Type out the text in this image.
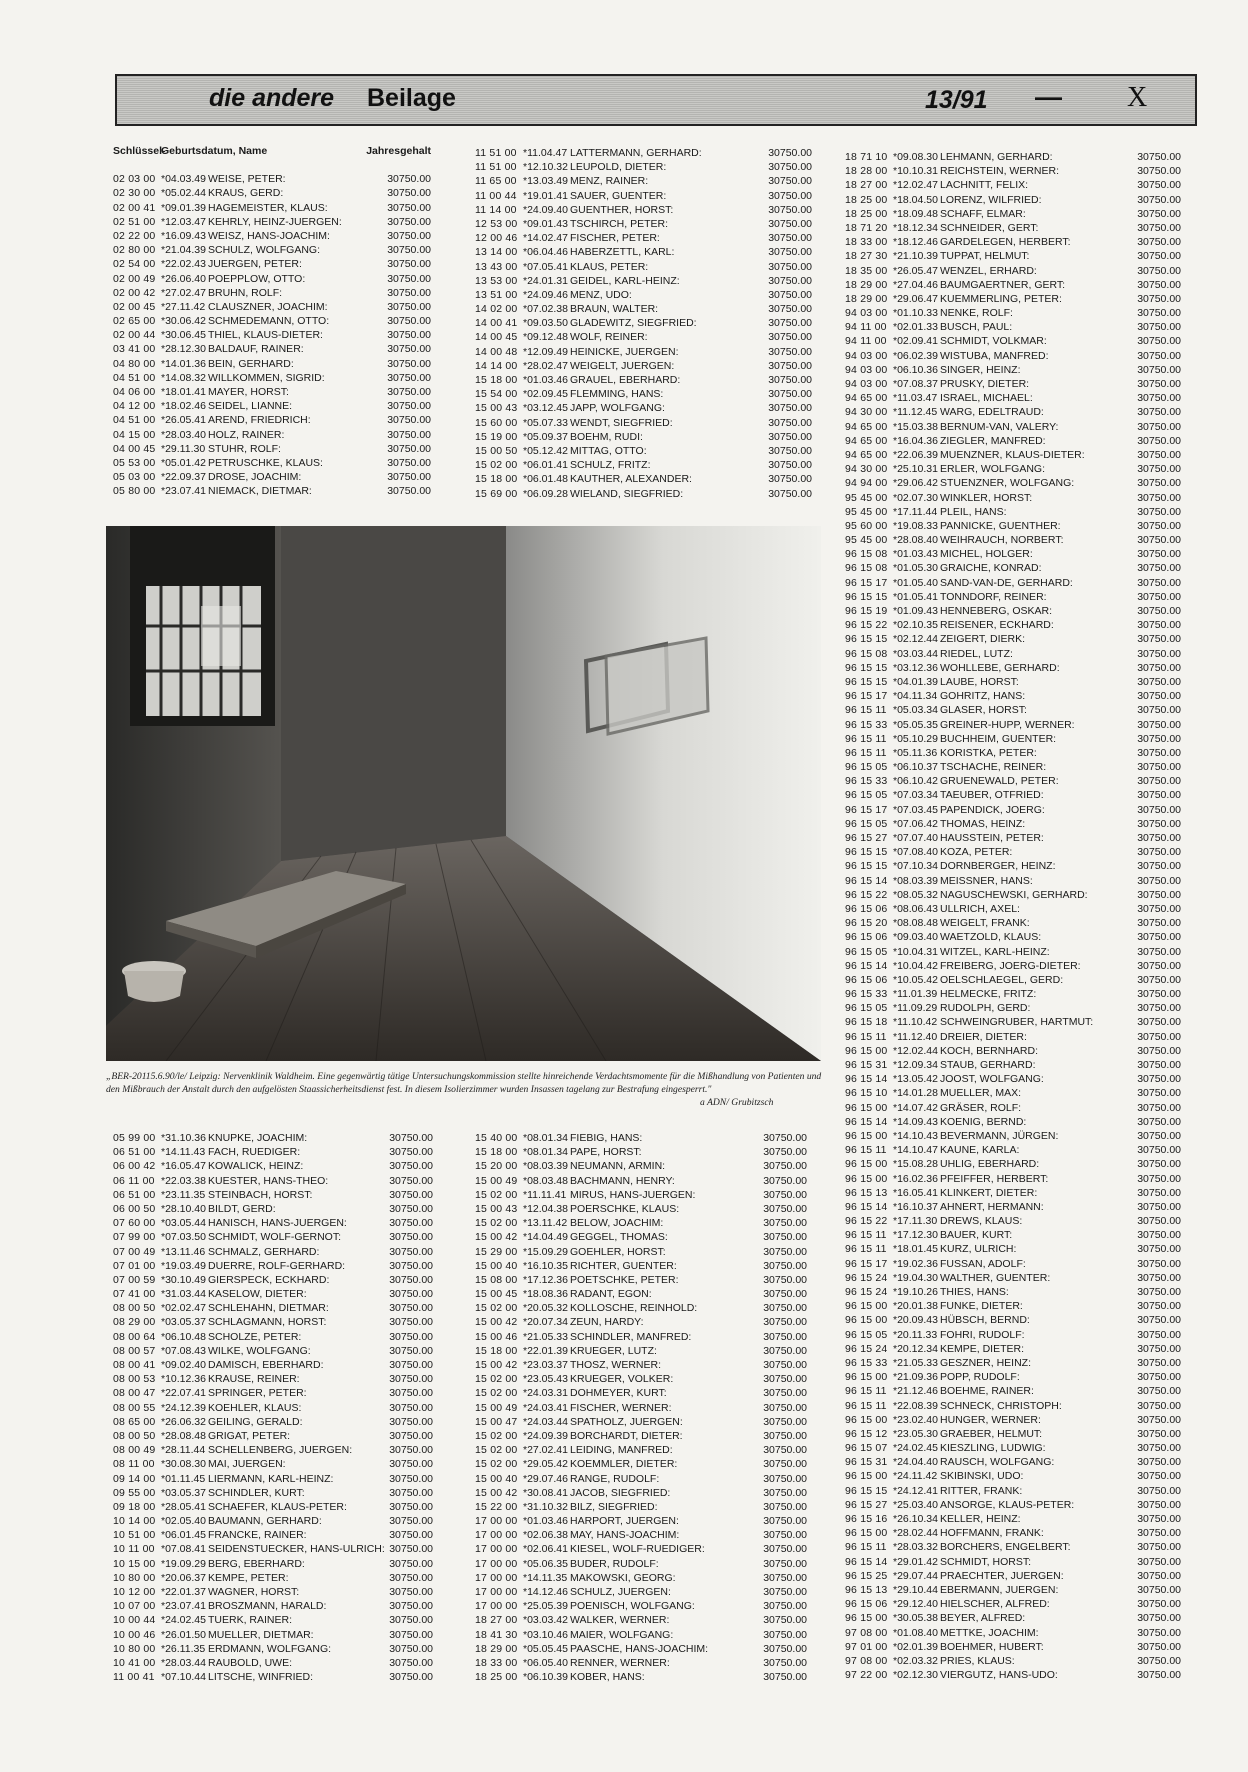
die andere Beilage	13/91 — X
Schlüssel-
Geburtsdatum, Name	Jahresgehalt
02 03 00 *04.03.49 WEISE, PETER:	30750.00
02 30 00 *05.02.44 KRAUS, GERD:	30750.00
02 00 41 *09.01.39 HAGEMEISTER, KLAUS:	30750.00
02 51 00 *12.03.47 KEHRLY, HEINZ-JUERGEN:	30750.00
02 22 00 *16.09.43 WEISZ, HANS-JOACHIM:	30750.00
02 80 00 *21.04.39 SCHULZ, WOLFGANG:	30750.00
02 54 00 *22.02.43 JUERGEN, PETER:	30750.00
02 00 49 *26.06.40 POEPPLOW, OTTO:	30750.00
02 00 42 *27.02.47 BRUHN, ROLF:	30750.00
02 00 45 *27.11.42 CLAUSZNER, JOACHIM:	30750.00
02 65 00 *30.06.42 SCHMEDEMANN, OTTO:	30750.00
02 00 44 *30.06.45 THIEL, KLAUS-DIETER:	30750.00
03 41 00 *28.12.30 BALDAUF, RAINER:	30750.00
04 80 00 *14.01.36 BEIN, GERHARD:	30750.00
04 51 00 *14.08.32 WILLKOMMEN, SIGRID:	30750.00
04 06 00 *18.01.41 MAYER, HORST:	30750.00
04 12 00 *18.02.46 SEIDEL, LIANNE:	30750.00
04 51 00 *26.05.41 AREND, FRIEDRICH:	30750.00
04 15 00 *28.03.40 HOLZ, RAINER:	30750.00
04 00 45 *29.11.30 STUHR, ROLF:	30750.00
05 53 00 *05.01.42 PETRUSCHKE, KLAUS:	30750.00
05 03 00 *22.09.37 DROSE, JOACHIM:	30750.00
05 80 00 *23.07.41 NIEMACK, DIETMAR:	30750.00
11 51 00 *11.04.47 LATTERMANN, GERHARD:	30750.00
11 51 00 *12.10.32 LEUPOLD, DIETER:	30750.00
11 65 00 *13.03.49 MENZ, RAINER:	30750.00
11 00 44 *19.01.41 SAUER, GUENTER:	30750.00
11 14 00 *24.09.40 GUENTHER, HORST:	30750.00
12 53 00 *09.01.43 TSCHIRCH, PETER:	30750.00
12 00 46 *14.02.47 FISCHER, PETER:	30750.00
13 14 00 *06.04.46 HABERZETTL, KARL:	30750.00
13 43 00 *07.05.41 KLAUS, PETER:	30750.00
13 53 00 *24.01.31 GEIDEL, KARL-HEINZ:	30750.00
13 51 00 *24.09.46 MENZ, UDO:	30750.00
14 02 00 *07.02.38 BRAUN, WALTER:	30750.00
14 00 41 *09.03.50 GLADEWITZ, SIEGFRIED:	30750.00
14 00 45 *09.12.48 WOLF, REINER:	30750.00
14 00 48 *12.09.49 HEINICKE, JUERGEN:	30750.00
14 14 00 *28.02.47 WEIGELT, JUERGEN:	30750.00
15 18 00 *01.03.46 GRAUEL, EBERHARD:	30750.00
15 54 00 *02.09.45 FLEMMING, HANS:	30750.00
15 00 43 *03.12.45 JAPP, WOLFGANG:	30750.00
15 60 00 *05.07.33 WENDT, SIEGFRIED:	30750.00
15 19 00 *05.09.37 BOEHM, RUDI:	30750.00
15 00 50 *05.12.42 MITTAG, OTTO:	30750.00
15 02 00 *06.01.41 SCHULZ, FRITZ:	30750.00
15 18 00 *06.01.48 KAUTHER, ALEXANDER:	30750.00
15 69 00 *06.09.28 WIELAND, SIEGFRIED:	30750.00
18 71 10 *09.08.30 LEHMANN, GERHARD:	30750.00
18 28 00 *10.10.31 REICHSTEIN, WERNER:	30750.00
18 27 00 *12.02.47 LACHNITT, FELIX:	30750.00
18 25 00 *18.04.50 LORENZ, WILFRIED:	30750.00
18 25 00 *18.09.48 SCHAFF, ELMAR:	30750.00
18 71 20 *18.12.34 SCHNEIDER, GERT:	30750.00
18 33 00 *18.12.46 GARDELEGEN, HERBERT:	30750.00
18 27 30 *21.10.39 TUPPAT, HELMUT:	30750.00
18 35 00 *26.05.47 WENZEL, ERHARD:	30750.00
18 29 00 *27.04.46 BAUMGAERTNER, GERT:	30750.00
18 29 00 *29.06.47 KUEMMERLING, PETER:	30750.00
94 03 00 *01.10.33 NENKE, ROLF:	30750.00
94 11 00 *02.01.33 BUSCH, PAUL:	30750.00
94 11 00 *02.09.41 SCHMIDT, VOLKMAR:	30750.00
94 03 00 *06.02.39 WISTUBA, MANFRED:	30750.00
94 03 00 *06.10.36 SINGER, HEINZ:	30750.00
94 03 00 *07.08.37 PRUSKY, DIETER:	30750.00
94 65 00 *11.03.47 ISRAEL, MICHAEL:	30750.00
94 30 00 *11.12.45 WARG, EDELTRAUD:	30750.00
94 65 00 *15.03.38 BERNUM-VAN, VALERY:	30750.00
94 65 00 *16.04.36 ZIEGLER, MANFRED:	30750.00
94 65 00 *22.06.39 MUENZNER, KLAUS-DIETER:	30750.00
94 30 00 *25.10.31 ERLER, WOLFGANG:	30750.00
94 94 00 *29.06.42 STUENZNER, WOLFGANG:	30750.00
95 45 00 *02.07.30 WINKLER, HORST:	30750.00
95 45 00 *17.11.44 PLEIL, HANS:	30750.00
95 60 00 *19.08.33 PANNICKE, GUENTHER:	30750.00
95 45 00 *28.08.40 WEIHRAUCH, NORBERT:	30750.00
96 15 08 *01.03.43 MICHEL, HOLGER:	30750.00
96 15 08 *01.05.30 GRAICHE, KONRAD:	30750.00
96 15 17 *01.05.40 SAND-VAN-DE, GERHARD:	30750.00
96 15 15 *01.05.41 TONNDORF, REINER:	30750.00
96 15 19 *01.09.43 HENNEBERG, OSKAR:	30750.00
96 15 22 *02.10.35 REISENER, ECKHARD:	30750.00
96 15 15 *02.12.44 ZEIGERT, DIERK:	30750.00
96 15 08 *03.03.44 RIEDEL, LUTZ:	30750.00
96 15 15 *03.12.36 WOHLLEBE, GERHARD:	30750.00
96 15 15 *04.01.39 LAUBE, HORST:	30750.00
96 15 17 *04.11.34 GOHRITZ, HANS:	30750.00
96 15 11 *05.03.34 GLASER, HORST:	30750.00
96 15 33 *05.05.35 GREINER-HUPP, WERNER:	30750.00
96 15 11 *05.10.29 BUCHHEIM, GUENTER:	30750.00
96 15 11 *05.11.36 KORISTKA, PETER:	30750.00
96 15 05 *06.10.37 TSCHACHE, REINER:	30750.00
96 15 33 *06.10.42 GRUENEWALD, PETER:	30750.00
96 15 05 *07.03.34 TAEUBER, OTFRIED:	30750.00
96 15 17 *07.03.45 PAPENDICK, JOERG:	30750.00
96 15 05 *07.06.42 THOMAS, HEINZ:	30750.00
96 15 27 *07.07.40 HAUSSTEIN, PETER:	30750.00
96 15 15 *07.08.40 KOZA, PETER:	30750.00
96 15 15 *07.10.34 DORNBERGER, HEINZ:	30750.00
96 15 14 *08.03.39 MEISSNER, HANS:	30750.00
96 15 22 *08.05.32 NAGUSCHEWSKI, GERHARD:	30750.00
96 15 06 *08.06.43 ULLRICH, AXEL:	30750.00
96 15 20 *08.08.48 WEIGELT, FRANK:	30750.00
96 15 06 *09.03.40 WAETZOLD, KLAUS:	30750.00
96 15 05 *10.04.31 WITZEL, KARL-HEINZ:	30750.00
96 15 14 *10.04.42 FREIBERG, JOERG-DIETER:	30750.00
96 15 06 *10.05.42 OELSCHLAEGEL, GERD:	30750.00
96 15 33 *11.01.39 HELMECKE, FRITZ:	30750.00
96 15 05 *11.09.29 RUDOLPH, GERD:	30750.00
96 15 18 *11.10.42 SCHWEINGRUBER, HARTMUT:	30750.00
96 15 11 *11.12.40 DREIER, DIETER:	30750.00
96 15 00 *12.02.44 KOCH, BERNHARD:	30750.00
96 15 31 *12.09.34 STAUB, GERHARD:	30750.00
96 15 14 *13.05.42 JOOST, WOLFGANG:	30750.00
96 15 10 *14.01.28 MUELLER, MAX:	30750.00
96 15 00 *14.07.42 GRÄSER, ROLF:	30750.00
96 15 14 *14.09.43 KOENIG, BERND:	30750.00
96 15 00 *14.10.43 BEVERMANN, JÜRGEN:	30750.00
96 15 11 *14.10.47 KAUNE, KARLA:	30750.00
96 15 00 *15.08.28 UHLIG, EBERHARD:	30750.00
96 15 00 *16.02.36 PFEIFFER, HERBERT:	30750.00
96 15 13 *16.05.41 KLINKERT, DIETER:	30750.00
96 15 14 *16.10.37 AHNERT, HERMANN:	30750.00
96 15 22 *17.11.30 DREWS, KLAUS:	30750.00
96 15 11 *17.12.30 BAUER, KURT:	30750.00
96 15 11 *18.01.45 KURZ, ULRICH:	30750.00
96 15 17 *19.02.36 FUSSAN, ADOLF:	30750.00
96 15 24 *19.04.30 WALTHER, GUENTER:	30750.00
96 15 24 *19.10.26 THIES, HANS:	30750.00
96 15 00 *20.01.38 FUNKE, DIETER:	30750.00
96 15 00 *20.09.43 HÜBSCH, BERND:	30750.00
96 15 05 *20.11.33 FOHRI, RUDOLF:	30750.00
96 15 24 *20.12.34 KEMPE, DIETER:	30750.00
96 15 33 *21.05.33 GESZNER, HEINZ:	30750.00
96 15 00 *21.09.36 POPP, RUDOLF:	30750.00
96 15 11 *21.12.46 BOEHME, RAINER:	30750.00
96 15 11 *22.08.39 SCHNECK, CHRISTOPH:	30750.00
96 15 00 *23.02.40 HUNGER, WERNER:	30750.00
96 15 12 *23.05.30 GRAEBER, HELMUT:	30750.00
96 15 07 *24.02.45 KIESZLING, LUDWIG:	30750.00
96 15 31 *24.04.40 RAUSCH, WOLFGANG:	30750.00
96 15 00 *24.11.42 SKIBINSKI, UDO:	30750.00
96 15 15 *24.12.41 RITTER, FRANK:	30750.00
96 15 27 *25.03.40 ANSORGE, KLAUS-PETER:	30750.00
96 15 16 *26.10.34 KELLER, HEINZ:	30750.00
96 15 00 *28.02.44 HOFFMANN, FRANK:	30750.00
96 15 11 *28.03.32 BORCHERS, ENGELBERT:	30750.00
96 15 14 *29.01.42 SCHMIDT, HORST:	30750.00
96 15 25 *29.07.44 PRAECHTER, JUERGEN:	30750.00
96 15 13 *29.10.44 EBERMANN, JUERGEN:	30750.00
96 15 06 *29.12.40 HIELSCHER, ALFRED:	30750.00
96 15 00 *30.05.38 BEYER, ALFRED:	30750.00
97 08 00 *01.08.40 METTKE, JOACHIM:	30750.00
97 01 00 *02.01.39 BOEHMER, HUBERT:	30750.00
97 08 00 *02.03.32 PRIES, KLAUS:	30750.00
97 22 00 *02.12.30 VIERGUTZ, HANS-UDO:	30750.00
„BER-20115.6.90/le/ Leipzig: Nervenklinik Waldheim. Eine gegenwärtig tätige Untersuchungskommission stellte hinreichende Verdachtsmomente für die Mißhandlung von Patienten und den Mißbrauch der Anstalt durch den aufgelösten Staassicherheitsdienst fest. In diesem Isolierzimmer wurden Insassen tagelang zur Bestrafung eingesperrt."
a ADN/ Grubitzsch
05 99 00 *31.10.36 KNUPKE, JOACHIM:	30750.00
06 51 00 *14.11.43 FACH, RUEDIGER:	30750.00
06 00 42 *16.05.47 KOWALICK, HEINZ:	30750.00
06 11 00 *22.03.38 KUESTER, HANS-THEO:	30750.00
06 51 00 *23.11.35 STEINBACH, HORST:	30750.00
06 00 50 *28.10.40 BILDT, GERD:	30750.00
07 60 00 *03.05.44 HANISCH, HANS-JUERGEN:	30750.00
07 99 00 *07.03.50 SCHMIDT, WOLF-GERNOT:	30750.00
07 00 49 *13.11.46 SCHMALZ, GERHARD:	30750.00
07 01 00 *19.03.49 DUERRE, ROLF-GERHARD:	30750.00
07 00 59 *30.10.49 GIERSPECK, ECKHARD:	30750.00
07 41 00 *31.03.44 KASELOW, DIETER:	30750.00
08 00 50 *02.02.47 SCHLEHAHN, DIETMAR:	30750.00
08 29 00 *03.05.37 SCHLAGMANN, HORST:	30750.00
08 00 64 *06.10.48 SCHOLZE, PETER:	30750.00
08 00 57 *07.08.43 WILKE, WOLFGANG:	30750.00
08 00 41 *09.02.40 DAMISCH, EBERHARD:	30750.00
08 00 53 *10.12.36 KRAUSE, REINER:	30750.00
08 00 47 *22.07.41 SPRINGER, PETER:	30750.00
08 00 55 *24.12.39 KOEHLER, KLAUS:	30750.00
08 65 00 *26.06.32 GEILING, GERALD:	30750.00
08 00 50 *28.08.48 GRIGAT, PETER:	30750.00
08 00 49 *28.11.44 SCHELLENBERG, JUERGEN:	30750.00
08 11 00 *30.08.30 MAI, JUERGEN:	30750.00
09 14 00 *01.11.45 LIERMANN, KARL-HEINZ:	30750.00
09 55 00 *03.05.37 SCHINDLER, KURT:	30750.00
09 18 00 *28.05.41 SCHAEFER, KLAUS-PETER:	30750.00
10 14 00 *02.05.40 BAUMANN, GERHARD:	30750.00
10 51 00 *06.01.45 FRANCKE, RAINER:	30750.00
10 11 00 *07.08.41 SEIDENSTUECKER, HANS-ULRICH: 30750.00
10 15 00 *19.09.29 BERG, EBERHARD:	30750.00
10 80 00 *20.06.37 KEMPE, PETER:	30750.00
10 12 00 *22.01.37 WAGNER, HORST:	30750.00
10 07 00 *23.07.41 BROSZMANN, HARALD:	30750.00
10 00 44 *24.02.45 TUERK, RAINER:	30750.00
10 00 46 *26.01.50 MUELLER, DIETMAR:	30750.00
10 80 00 *26.11.35 ERDMANN, WOLFGANG:	30750.00
10 41 00 *28.03.44 RAUBOLD, UWE:	30750.00
11 00 41 *07.10.44 LITSCHE, WINFRIED:	30750.00
15 40 00 *08.01.34 FIEBIG, HANS:	30750.00
15 18 00 *08.01.34 PAPE, HORST:	30750.00
15 20 00 *08.03.39 NEUMANN, ARMIN:	30750.00
15 00 49 *08.03.48 BACHMANN, HENRY:	30750.00
15 02 00 *11.11.41 MIRUS, HANS-JUERGEN:	30750.00
15 00 43 *12.04.38 POERSCHKE, KLAUS:	30750.00
15 02 00 *13.11.42 BELOW, JOACHIM:	30750.00
15 00 42 *14.04.49 GEGGEL, THOMAS:	30750.00
15 29 00 *15.09.29 GOEHLER, HORST:	30750.00
15 00 40 *16.10.35 RICHTER, GUENTER:	30750.00
15 08 00 *17.12.36 POETSCHKE, PETER:	30750.00
15 00 45 *18.08.36 RADANT, EGON:	30750.00
15 02 00 *20.05.32 KOLLOSCHE, REINHOLD:	30750.00
15 00 42 *20.07.34 ZEUN, HARDY:	30750.00
15 00 46 *21.05.33 SCHINDLER, MANFRED:	30750.00
15 18 00 *22.01.39 KRUEGER, LUTZ:	30750.00
15 00 42 *23.03.37 THOSZ, WERNER:	30750.00
15 02 00 *23.05.43 KRUEGER, VOLKER:	30750.00
15 02 00 *24.03.31 DOHMEYER, KURT:	30750.00
15 00 49 *24.03.41 FISCHER, WERNER:	30750.00
15 00 47 *24.03.44 SPATHOLZ, JUERGEN:	30750.00
15 02 00 *24.09.39 BORCHARDT, DIETER:	30750.00
15 02 00 *27.02.41 LEIDING, MANFRED:	30750.00
15 02 00 *29.05.42 KOEMMLER, DIETER:	30750.00
15 00 40 *29.07.46 RANGE, RUDOLF:	30750.00
15 00 42 *30.08.41 JACOB, SIEGFRIED:	30750.00
15 22 00 *31.10.32 BILZ, SIEGFRIED:	30750.00
17 00 00 *01.03.46 HARPORT, JUERGEN:	30750.00
17 00 00 *02.06.38 MAY, HANS-JOACHIM:	30750.00
17 00 00 *02.06.41 KIESEL, WOLF-RUEDIGER:	30750.00
17 00 00 *05.06.35 BUDER, RUDOLF:	30750.00
17 00 00 *14.11.35 MAKOWSKI, GEORG:	30750.00
17 00 00 *14.12.46 SCHULZ, JUERGEN:	30750.00
17 00 00 *25.05.39 POENISCH, WOLFGANG:	30750.00
18 27 00 *03.03.42 WALKER, WERNER:	30750.00
18 41 30 *03.10.46 MAIER, WOLFGANG:	30750.00
18 29 00 *05.05.45 PAASCHE, HANS-JOACHIM:	30750.00
18 33 00 *06.05.40 RENNER, WERNER:	30750.00
18 25 00 *06.10.39 KOBER, HANS:	30750.00
